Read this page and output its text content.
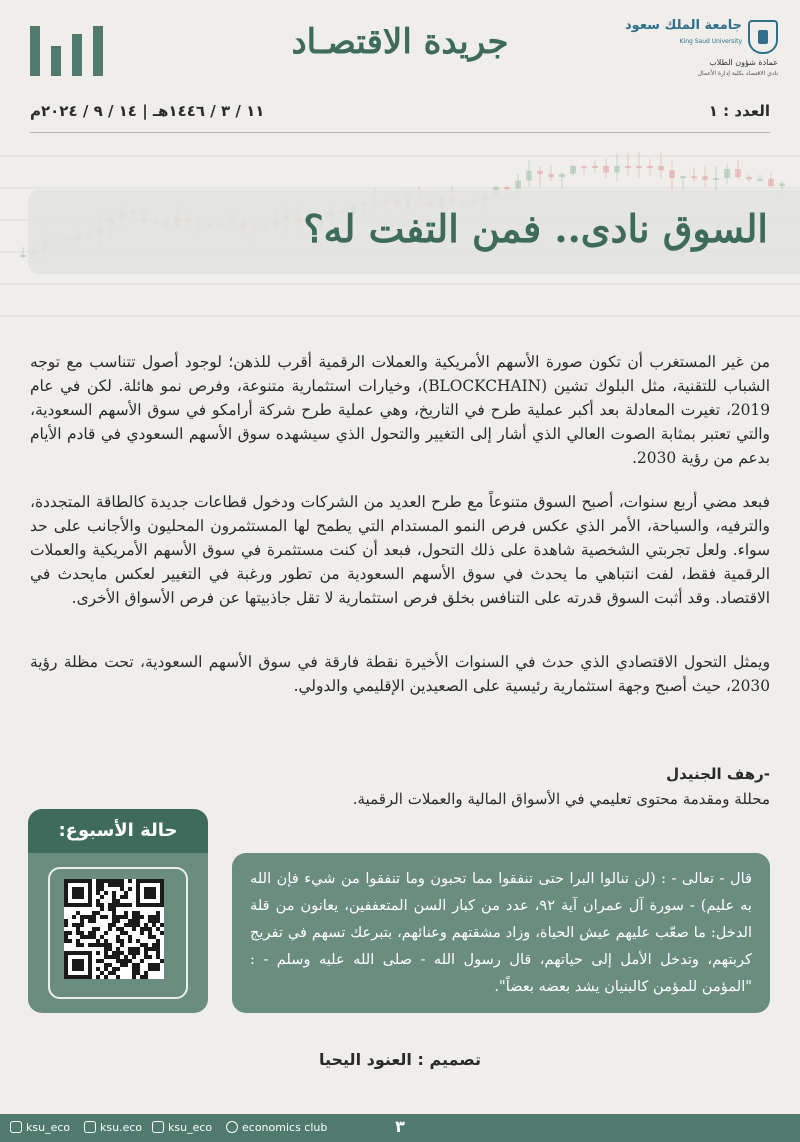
جريدة الاقتصـاد	جامعة الملك سعود
King Saud University
عمادة شؤون الطلاب
نادي الاقتصاد بكلية إدارة الأعمال
العدد : ١
١١ / ٣ / ١٤٤٦هـ | ١٤ / ٩ / ٢٠٢٤م
السوق نادى.. فمن التفت له؟
من غير المستغرب أن تكون صورة الأسهم الأمريكية والعملات الرقمية أقرب للذهن؛ لوجود أصول تتناسب مع توجه الشباب للتقنية، مثل البلوك تشين (BLOCKCHAIN)، وخيارات استثمارية متنوعة، وفرص نمو هائلة. لكن في عام 2019، تغيرت المعادلة بعد أكبر عملية طرح في التاريخ، وهي عملية طرح شركة أرامكو في سوق الأسهم السعودية، والتي تعتبر بمثابة الصوت العالي الذي أشار إلى التغيير والتحول الذي سيشهده سوق الأسهم السعودي في قادم الأيام بدعم من رؤية 2030.
فبعد مضي أربع سنوات، أصبح السوق متنوعاً مع طرح العديد من الشركات ودخول قطاعات جديدة كالطاقة المتجددة، والترفيه، والسياحة، الأمر الذي عكس فرص النمو المستدام التي يطمح لها المستثمرون المحليون والأجانب على حد سواء. ولعل تجربتي الشخصية شاهدة على ذلك التحول، فبعد أن كنت مستثمرة في سوق الأسهم الأمريكية والعملات الرقمية فقط، لفت انتباهي ما يحدث في سوق الأسهم السعودية من تطور ورغبة في التغيير لعكس مايحدث في الاقتصاد. وقد أثبت السوق قدرته على التنافس بخلق فرص استثمارية لا تقل جاذبيتها عن فرص الأسواق الأخرى.
ويمثل التحول الاقتصادي الذي حدث في السنوات الأخيرة نقطة فارقة في سوق الأسهم السعودية، تحت مظلة رؤية 2030، حيث أصبح وجهة استثمارية رئيسية على الصعيدين الإقليمي والدولي.
-رهف الجنيدل
محللة ومقدمة محتوى تعليمي في الأسواق المالية والعملات الرقمية.
حالة الأسبوع:
قال - تعالى - : (لن تنالوا البرا حتى تنفقوا مما تحبون وما تنفقوا من شيء فإن الله به عليم) - سورة آل عمران آية ٩٢، عدد من كبار السن المتعففين، يعانون من قلة الدخل: ما صعّب عليهم عيش الحياة، وزاد مشقتهم وعنائهم، بتبرعك تسهم في تفريج كربتهم، وتدخل الأمل إلى حياتهم، قال رسول الله - صلى الله عليه وسلم - : "المؤمن للمؤمن كالبنيان يشد بعضه بعضاً".
تصميم : العنود اليحيا
ksu_eco	ksu.eco	ksu_eco	economics club	٣
